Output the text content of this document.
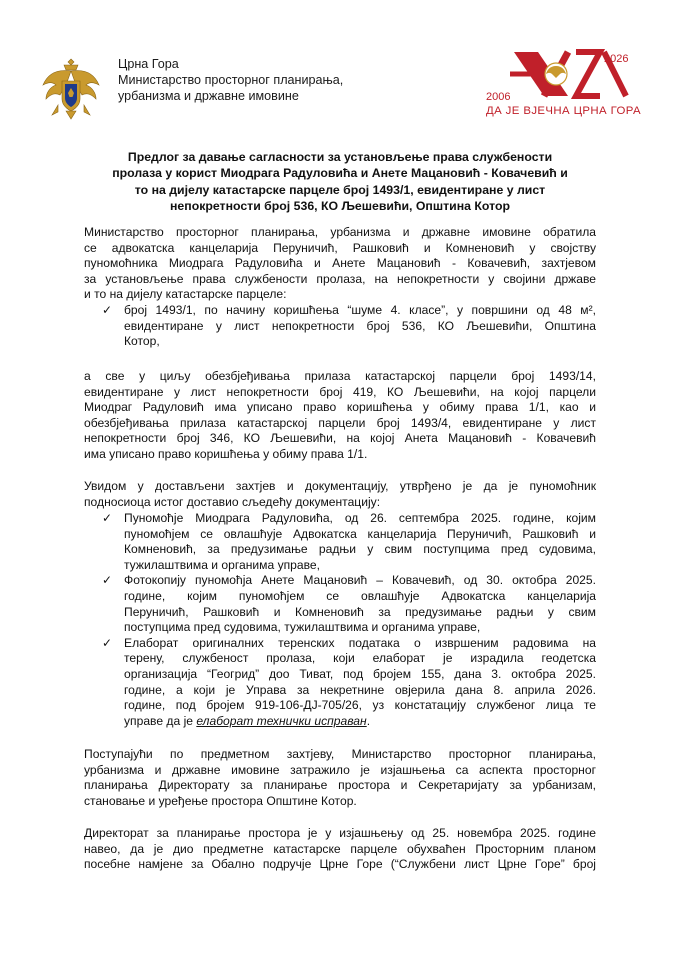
Црна Гора
Министарство просторног планирања,
урбанизма и државне имовине
2026
2006
ДА ЈЕ ВЈЕЧНА ЦРНА ГОРА
Предлог за давање сагласности за установљење права службености
пролаза у корист Миодрага Радуловића и Анете Мацановић - Ковачевић и
то на дијелу катастарске парцеле број 1493/1, евидентиране у лист
непокретности број 536, КО Љешевићи, Општина Котор
Министарство просторног планирања, урбанизма и државне имовине обратила
се адвокатска канцеларија Перуничић, Рашковић и Комненовић у својству
пуномоћника Миодрага Радуловића и Анете Мацановић - Ковачевић, захтјевом
за установљење права службености пролаза, на непокретности у својини државе
и то на дијелу катастарске парцеле:
✓ број 1493/1, по начину коришћења “шуме 4. класе”, у површини од 48 м²,
евидентиране у лист непокретности број 536, КО Љешевићи, Општина
Котор,
а све у циљу обезбјеђивања прилаза катастарској парцели број 1493/14,
евидентиране у лист непокретности број 419, КО Љешевићи, на којој парцели
Миодраг Радуловић има уписано право коришћења у обиму права 1/1, као и
обезбјеђивања прилаза катастарској парцели број 1493/4, евидентиране у лист
непокретности број 346, КО Љешевићи, на којој Анета Мацановић - Ковачевић
има уписано право коришћења у обиму права 1/1.
Увидом у достављени захтјев и документацију, утврђено је да је пуномоћник
подносиоца истог доставио сљедећу документацију:
✓ Пуномоћје Миодрага Радуловића, од 26. септембра 2025. године, којим
пуномоћјем се овлашћује Адвокатска канцеларија Перуничић, Рашковић и
Комненовић, за предузимање радњи у свим поступцима пред судовима,
тужилаштвима и органима управе,
✓ Фотокопију пуномоћја Анете Мацановић – Ковачевић, од 30. октобра 2025.
године, којим пуномоћјем се овлашћује Адвокатска канцеларија
Перуничић, Рашковић и Комненовић за предузимање радњи у свим
поступцима пред судовима, тужилаштвима и органима управе,
✓ Елаборат оригиналних теренских података о извршеним радовима на
терену, службеност пролаза, који елаборат је израдила геодетска
организација “Геогрид” доо Тиват, под бројем 155, дана 3. октобра 2025.
године, а који је Управа за некретнине овјерила дана 8. априла 2026.
године, под бројем 919-106-ДЈ-705/26, уз констатацију службеног лица те
управе да је елаборат технички исправан.
Поступајући по предметном захтјеву, Министарство просторног планирања,
урбанизма и државне имовине затражило је изјашњења са аспекта просторног
планирања Директорату за планирање простора и Секретаријату за урбанизам,
становање и уређење простора Општине Котор.
Директорат за планирање простора је у изјашњењу од 25. новембра 2025. године
навео, да је дио предметне катастарске парцеле обухваћен Просторним планом
посебне намјене за Обално подручје Црне Горе (“Службени лист Црне Горе” број
